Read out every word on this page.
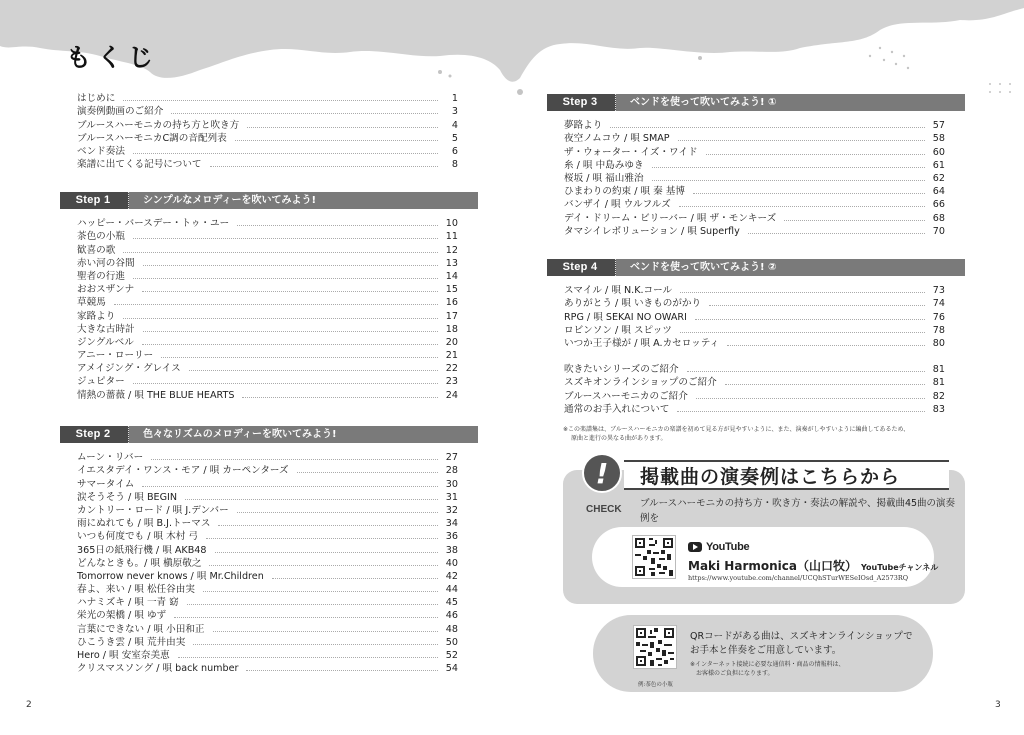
もくじ
はじめに	1
演奏例動画のご紹介	3
ブルースハーモニカの持ち方と吹き方	4
ブルースハーモニカC調の音配列表	5
ベンド奏法	6
楽譜に出てくる記号について	8
Step 1	シンプルなメロディーを吹いてみよう!
ハッピー・バースデー・トゥ・ユー	10
茶色の小瓶	11
歓喜の歌	12
赤い河の谷間	13
聖者の行進	14
おおスザンナ	15
草競馬	16
家路より	17
大きな古時計	18
ジングルベル	20
アニー・ローリー	21
アメイジング・グレイス	22
ジュピター	23
情熱の薔薇 / 唄 THE BLUE HEARTS	24
Step 2	色々なリズムのメロディーを吹いてみよう!
ムーン・リバー	27
イエスタデイ・ワンス・モア / 唄 カーペンターズ	28
サマータイム	30
涙そうそう / 唄 BEGIN	31
カントリー・ロード / 唄 J.デンバー	32
雨にぬれても / 唄 B.J.トーマス	34
いつも何度でも / 唄 木村 弓	36
365日の紙飛行機 / 唄 AKB48	38
どんなときも。/ 唄 槇原敬之	40
Tomorrow never knows / 唄 Mr.Children	42
春よ、来い / 唄 松任谷由実	44
ハナミズキ / 唄 一青 窈	45
栄光の架橋 / 唄 ゆず	46
言葉にできない / 唄 小田和正	48
ひこうき雲 / 唄 荒井由実	50
Hero / 唄 安室奈美恵	52
クリスマスソング / 唄 back number	54
Step 3	ベンドを使って吹いてみよう! ①
夢路より	57
夜空ノムコウ / 唄 SMAP	58
ザ・ウォーター・イズ・ワイド	60
糸 / 唄 中島みゆき	61
桜坂 / 唄 福山雅治	62
ひまわりの約束 / 唄 秦 基博	64
バンザイ / 唄 ウルフルズ	66
デイ・ドリーム・ビリーバー / 唄 ザ・モンキーズ	68
タマシイレボリューション / 唄 Superfly	70
Step 4	ベンドを使って吹いてみよう! ②
スマイル / 唄 N.K.コール	73
ありがとう / 唄 いきものがかり	74
RPG / 唄 SEKAI NO OWARI	76
ロビンソン / 唄 スピッツ	78
いつか王子様が / 唄 A.カセロッティ	80
吹きたいシリーズのご紹介	81
スズキオンラインショップのご紹介	81
ブルースハーモニカのご紹介	82
通常のお手入れについて	83
※この楽譜集は、ブルースハーモニカの楽譜を初めて見る方が見やすいように、また、演奏がしやすいように編曲してあるため、
原曲と進行の異なる曲があります。
!
CHECK
掲載曲の演奏例はこちらから
ブルースハーモニカの持ち方・吹き方・奏法の解説や、掲載曲45曲の演奏例を
YouTube
Maki Harmonica（山口牧） YouTubeチャンネル
https://www.youtube.com/channel/UCQhSTurWESeIOsd_A2573RQ
例:茶色の小瓶
QRコードがある曲は、スズキオンラインショップで
お手本と伴奏をご用意しています。
※インターネット接続に必要な通信料・商品の情報料は、
　お客様のご負担になります。
2	3
